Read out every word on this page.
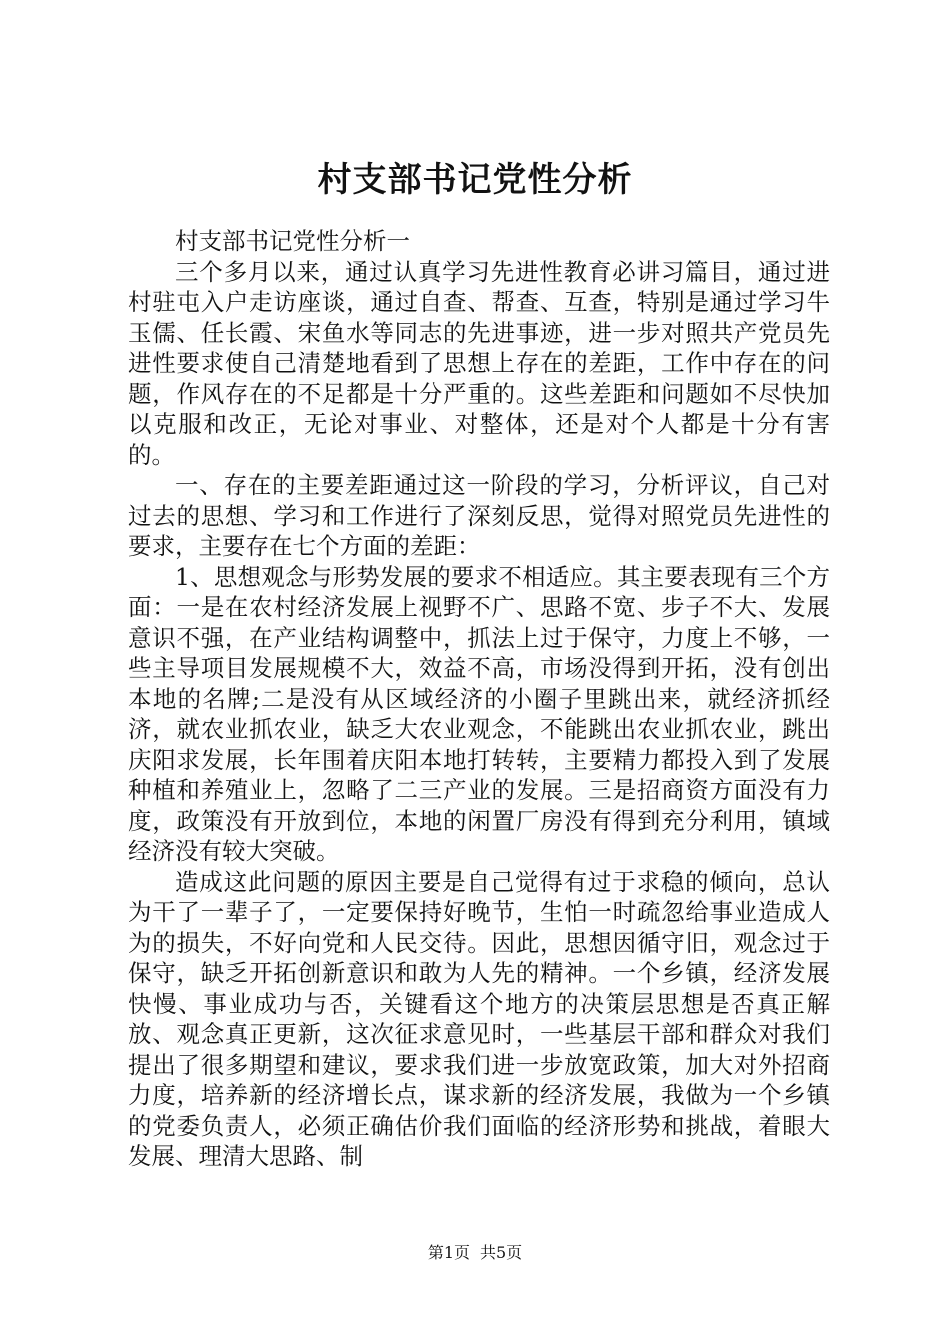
村支部书记党性分析

村支部书记党性分析一

三个多月以来，通过认真学习先进性教育必讲习篇目，通过进村驻屯入户走访座谈，通过自查、帮查、互查，特别是通过学习牛玉儒、任长霞、宋鱼水等同志的先进事迹，进一步对照共产党员先进性要求使自己清楚地看到了思想上存在的差距，工作中存在的问题，作风存在的不足都是十分严重的。这些差距和问题如不尽快加以克服和改正，无论对事业、对整体，还是对个人都是十分有害的。

一、存在的主要差距通过这一阶段的学习，分析评议，自己对过去的思想、学习和工作进行了深刻反思，觉得对照党员先进性的要求，主要存在七个方面的差距：

1、思想观念与形势发展的要求不相适应。其主要表现有三个方面：一是在农村经济发展上视野不广、思路不宽、步子不大、发展意识不强，在产业结构调整中，抓法上过于保守，力度上不够，一些主导项目发展规模不大，效益不高，市场没得到开拓，没有创出本地的名牌;二是没有从区域经济的小圈子里跳出来，就经济抓经济，就农业抓农业，缺乏大农业观念，不能跳出农业抓农业，跳出庆阳求发展，长年围着庆阳本地打转转，主要精力都投入到了发展种植和养殖业上，忽略了二三产业的发展。三是招商资方面没有力度，政策没有开放到位，本地的闲置厂房没有得到充分利用，镇域经济没有较大突破。

造成这此问题的原因主要是自己觉得有过于求稳的倾向，总认为干了一辈子了，一定要保持好晚节，生怕一时疏忽给事业造成人为的损失，不好向党和人民交待。因此，思想因循守旧，观念过于保守，缺乏开拓创新意识和敢为人先的精神。一个乡镇，经济发展快慢、事业成功与否，关键看这个地方的决策层思想是否真正解放、观念真正更新，这次征求意见时，一些基层干部和群众对我们提出了很多期望和建议，要求我们进一步放宽政策，加大对外招商力度，培养新的经济增长点，谋求新的经济发展，我做为一个乡镇的党委负责人，必须正确估价我们面临的经济形势和挑战，着眼大发展、理清大思路、制

第1页 共5页
